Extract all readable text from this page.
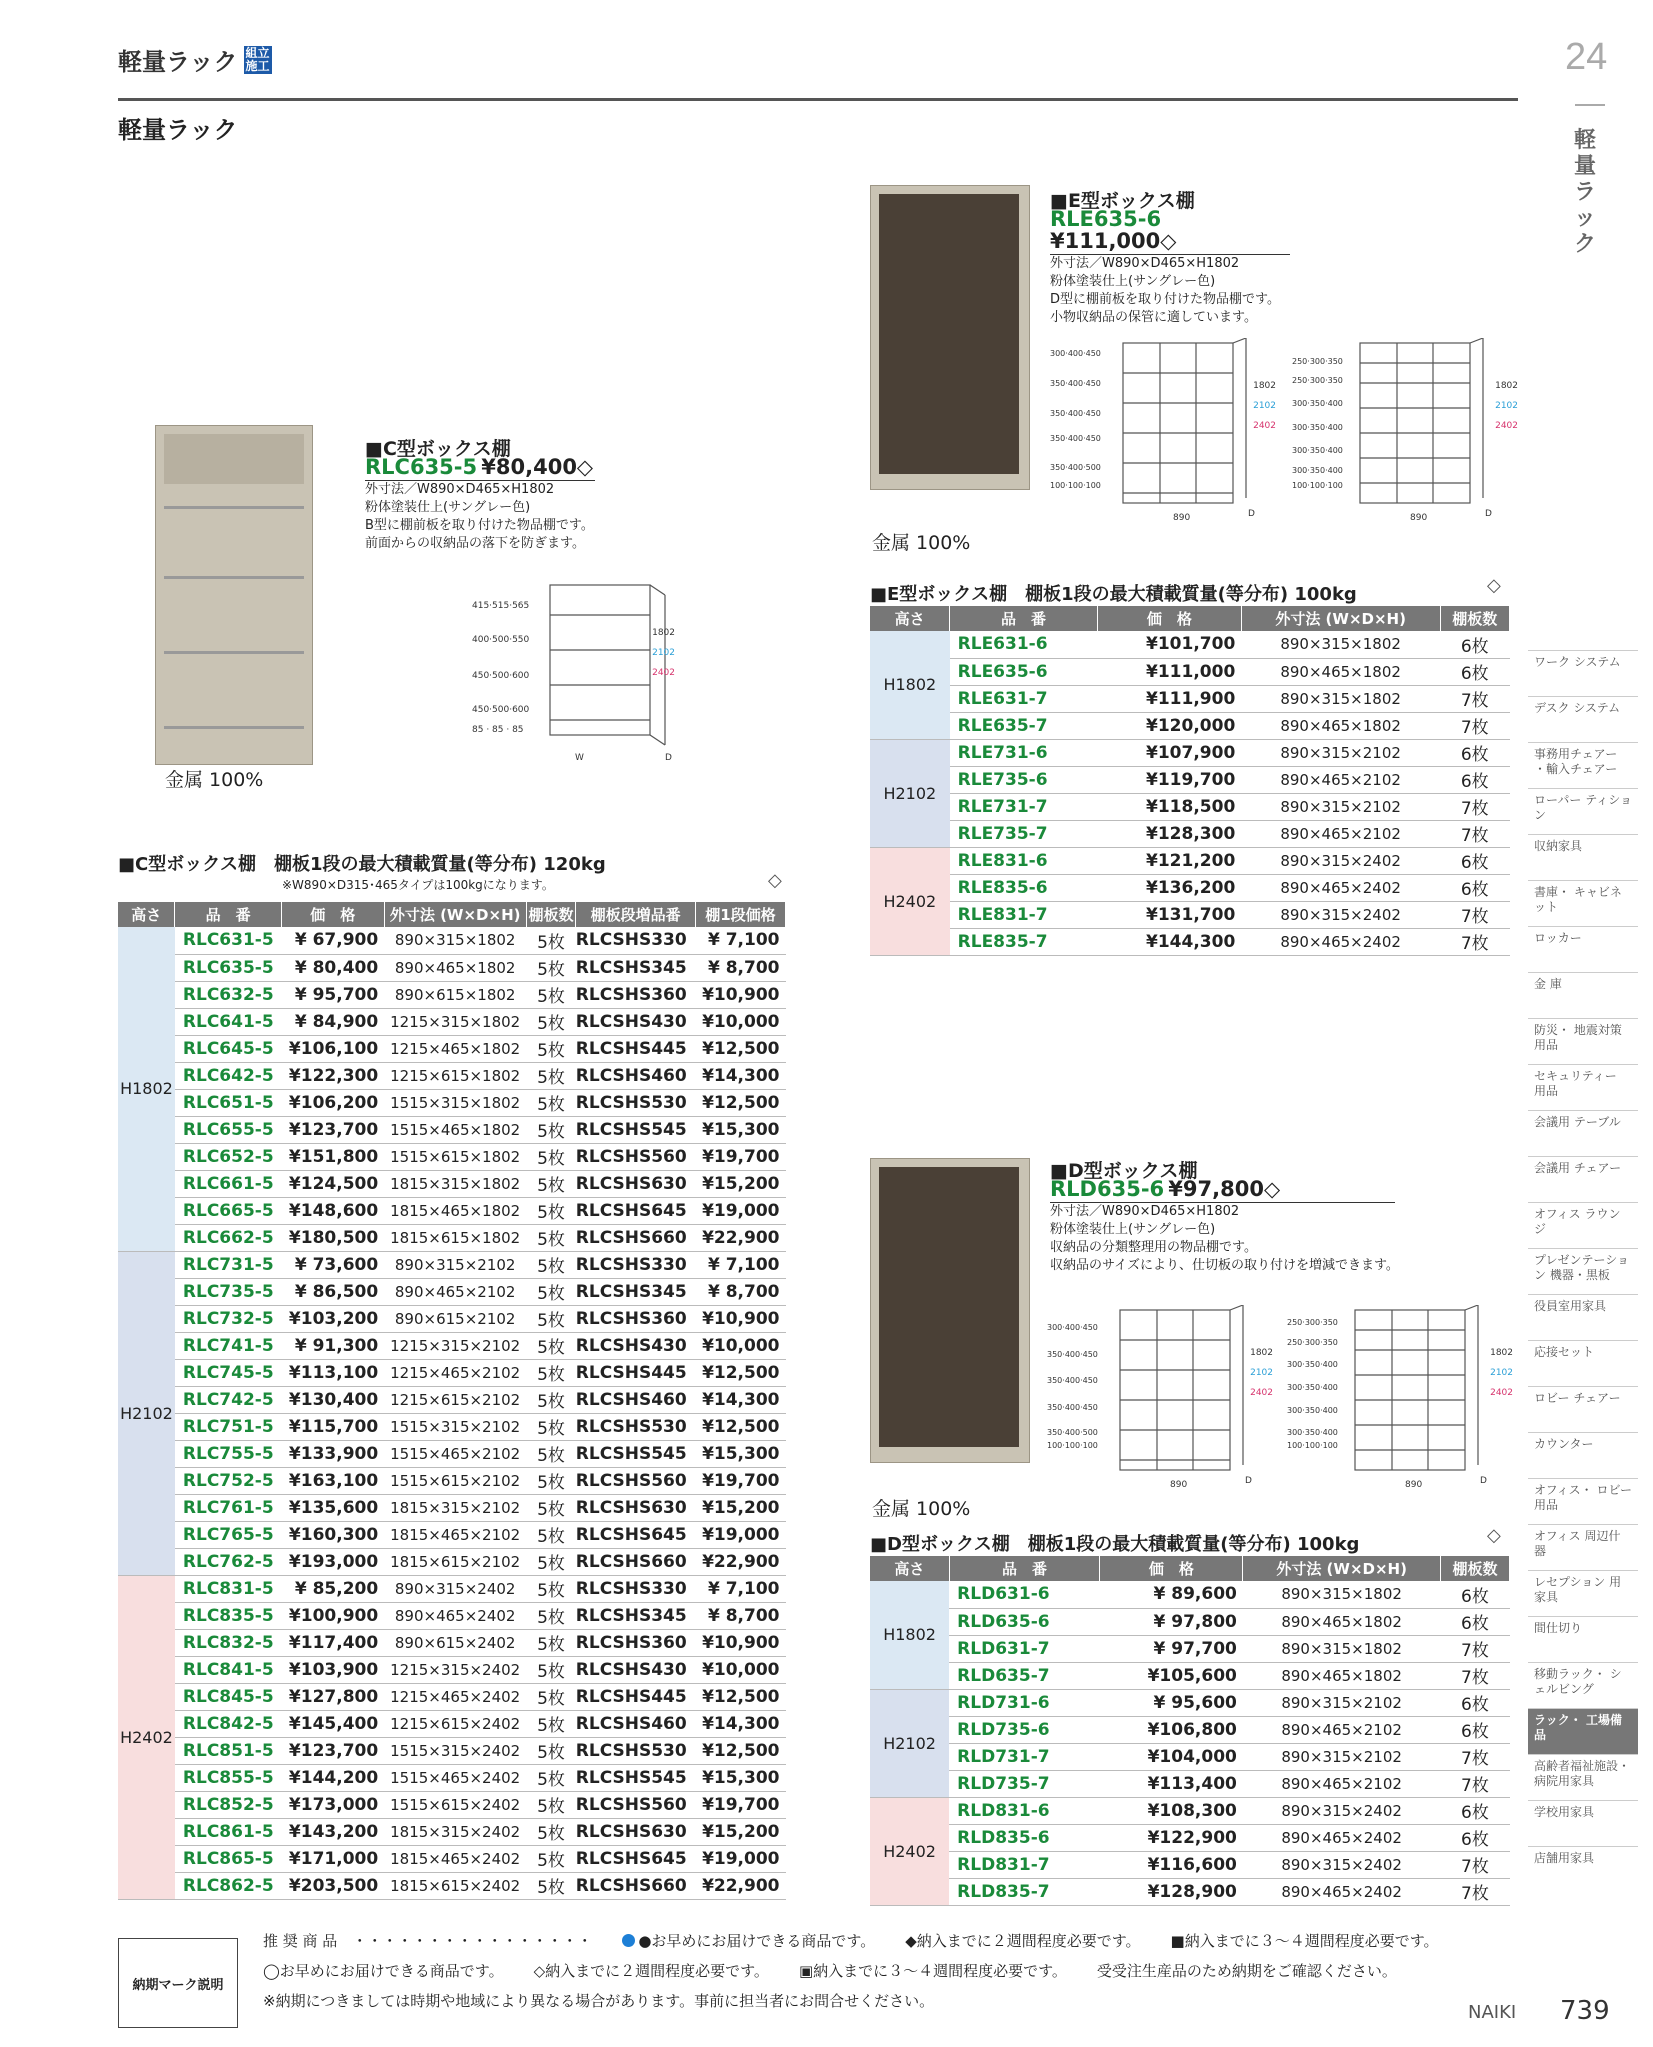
軽量ラック 組立
施工
軽量ラック
24
軽
量
ラ
ッ
ク
ワーク システム
デスク システム
事務用チェアー ・輸入チェアー
ローパー ティション
収納家具
書庫・ キャビネット
ロッカー
金 庫
防災・ 地震対策用品
セキュリティー 用品
会議用 テーブル
会議用 チェアー
オフィス ラウンジ
プレゼンテーション 機器・黒板
役員室用家具
応接セット
ロビー チェアー
カウンター
オフィス・ ロビー用品
オフィス 周辺什器
レセプション 用家具
間仕切り
移動ラック・ シェルビング
ラック・ 工場備品
高齢者福祉施設・ 病院用家具
学校用家具
店舗用家具
金属 100%
■C型ボックス棚
RLC635-5 ¥80,400◇
外寸法／W890×D465×H1802
粉体塗装仕上(サングレー色)
B型に棚前板を取り付けた物品棚です。
前面からの収納品の落下を防ぎます。
415·515·565
400·500·550
450·500·600
450·500·600
85 · 85 · 85
1802
2102
2402
W	D
金属 100%
■E型ボックス棚
RLE635-6 ¥111,000◇
外寸法／W890×D465×H1802
粉体塗装仕上(サングレー色)
D型に棚前板を取り付けた物品棚です。
小物収納品の保管に適しています。
300·400·450
350·400·450
350·400·450
350·400·450
350·400·500
100·100·100
1802
2102
2402
890	D
250·300·350
250·300·350
300·350·400
300·350·400
300·350·400
300·350·400
100·100·100
1802
2102
2402
890	D
■E型ボックス棚　棚板1段の最大積載質量(等分布) 100kg	◇
高さ	品　番	価　格	外寸法 (W×D×H)	棚板数
H1802	RLE631-6	¥101,700	890×315×1802	6枚
	RLE635-6	¥111,000	890×465×1802	6枚
	RLE631-7	¥111,900	890×315×1802	7枚
	RLE635-7	¥120,000	890×465×1802	7枚
H2102	RLE731-6	¥107,900	890×315×2102	6枚
	RLE735-6	¥119,700	890×465×2102	6枚
	RLE731-7	¥118,500	890×315×2102	7枚
	RLE735-7	¥128,300	890×465×2102	7枚
H2402	RLE831-6	¥121,200	890×315×2402	6枚
	RLE835-6	¥136,200	890×465×2402	6枚
	RLE831-7	¥131,700	890×315×2402	7枚
	RLE835-7	¥144,300	890×465×2402	7枚
金属 100%
■D型ボックス棚
RLD635-6 ¥97,800◇
外寸法／W890×D465×H1802
粉体塗装仕上(サングレー色)
収納品の分類整理用の物品棚です。
収納品のサイズにより、仕切板の取り付けを増減できます。
300·400·450
350·400·450
350·400·450
350·400·450
350·400·500
100·100·100
1802
2102
2402
890	D
250·300·350
250·300·350
300·350·400
300·350·400
300·350·400
300·350·400
100·100·100
1802
2102
2402
890	D
■D型ボックス棚　棚板1段の最大積載質量(等分布) 100kg	◇
高さ	品　番	価　格	外寸法 (W×D×H)	棚板数
H1802	RLD631-6	¥ 89,600	890×315×1802	6枚
	RLD635-6	¥ 97,800	890×465×1802	6枚
	RLD631-7	¥ 97,700	890×315×1802	7枚
	RLD635-7	¥105,600	890×465×1802	7枚
H2102	RLD731-6	¥ 95,600	890×315×2102	6枚
	RLD735-6	¥106,800	890×465×2102	6枚
	RLD731-7	¥104,000	890×315×2102	7枚
	RLD735-7	¥113,400	890×465×2102	7枚
H2402	RLD831-6	¥108,300	890×315×2402	6枚
	RLD835-6	¥122,900	890×465×2402	6枚
	RLD831-7	¥116,600	890×315×2402	7枚
	RLD835-7	¥128,900	890×465×2402	7枚
■C型ボックス棚　棚板1段の最大積載質量(等分布) 120kg
※W890×D315･465タイプは100kgになります。	◇
高さ	品　番	価　格	外寸法 (W×D×H)	棚板数	棚板段増品番	棚1段価格
H1802	RLC631-5	¥ 67,900	890×315×1802	5枚	RLCSHS330	¥ 7,100
	RLC635-5	¥ 80,400	890×465×1802	5枚	RLCSHS345	¥ 8,700
	RLC632-5	¥ 95,700	890×615×1802	5枚	RLCSHS360	¥10,900
	RLC641-5	¥ 84,900	1215×315×1802	5枚	RLCSHS430	¥10,000
	RLC645-5	¥106,100	1215×465×1802	5枚	RLCSHS445	¥12,500
	RLC642-5	¥122,300	1215×615×1802	5枚	RLCSHS460	¥14,300
	RLC651-5	¥106,200	1515×315×1802	5枚	RLCSHS530	¥12,500
	RLC655-5	¥123,700	1515×465×1802	5枚	RLCSHS545	¥15,300
	RLC652-5	¥151,800	1515×615×1802	5枚	RLCSHS560	¥19,700
	RLC661-5	¥124,500	1815×315×1802	5枚	RLCSHS630	¥15,200
	RLC665-5	¥148,600	1815×465×1802	5枚	RLCSHS645	¥19,000
	RLC662-5	¥180,500	1815×615×1802	5枚	RLCSHS660	¥22,900
H2102	RLC731-5	¥ 73,600	890×315×2102	5枚	RLCSHS330	¥ 7,100
	RLC735-5	¥ 86,500	890×465×2102	5枚	RLCSHS345	¥ 8,700
	RLC732-5	¥103,200	890×615×2102	5枚	RLCSHS360	¥10,900
	RLC741-5	¥ 91,300	1215×315×2102	5枚	RLCSHS430	¥10,000
	RLC745-5	¥113,100	1215×465×2102	5枚	RLCSHS445	¥12,500
	RLC742-5	¥130,400	1215×615×2102	5枚	RLCSHS460	¥14,300
	RLC751-5	¥115,700	1515×315×2102	5枚	RLCSHS530	¥12,500
	RLC755-5	¥133,900	1515×465×2102	5枚	RLCSHS545	¥15,300
	RLC752-5	¥163,100	1515×615×2102	5枚	RLCSHS560	¥19,700
	RLC761-5	¥135,600	1815×315×2102	5枚	RLCSHS630	¥15,200
	RLC765-5	¥160,300	1815×465×2102	5枚	RLCSHS645	¥19,000
	RLC762-5	¥193,000	1815×615×2102	5枚	RLCSHS660	¥22,900
H2402	RLC831-5	¥ 85,200	890×315×2402	5枚	RLCSHS330	¥ 7,100
	RLC835-5	¥100,900	890×465×2402	5枚	RLCSHS345	¥ 8,700
	RLC832-5	¥117,400	890×615×2402	5枚	RLCSHS360	¥10,900
	RLC841-5	¥103,900	1215×315×2402	5枚	RLCSHS430	¥10,000
	RLC845-5	¥127,800	1215×465×2402	5枚	RLCSHS445	¥12,500
	RLC842-5	¥145,400	1215×615×2402	5枚	RLCSHS460	¥14,300
	RLC851-5	¥123,700	1515×315×2402	5枚	RLCSHS530	¥12,500
	RLC855-5	¥144,200	1515×465×2402	5枚	RLCSHS545	¥15,300
	RLC852-5	¥173,000	1515×615×2402	5枚	RLCSHS560	¥19,700
	RLC861-5	¥143,200	1815×315×2402	5枚	RLCSHS630	¥15,200
	RLC865-5	¥171,000	1815×465×2402	5枚	RLCSHS645	¥19,000
	RLC862-5	¥203,500	1815×615×2402	5枚	RLCSHS660	¥22,900
納期マーク説明
推 奨 商 品　・・・・・・・・・・・・・・・・	●お早めにお届けできる商品です。 ◆納入までに２週間程度必要です。 ■納入までに３～４週間程度必要です。
◯お早めにお届けできる商品です。 ◇納入までに２週間程度必要です。 ▣納入までに３～４週間程度必要です。 受受注生産品のため納期をご確認ください。
※納期につきましては時期や地域により異なる場合があります。事前に担当者にお問合せください。
NAIKI 739
